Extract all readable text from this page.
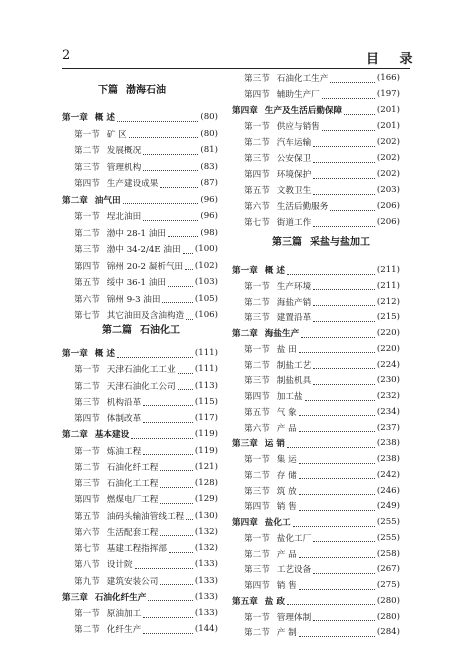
2	目 录
下篇 渤海石油
第一章 概 述	(80)
第一节 矿 区	(80)
第二节 发展概况	(81)
第三节 管理机构	(83)
第四节 生产建设成果	(87)
第二章 油气田	(96)
第一节 埕北油田	(96)
第二节 渤中 28-1 油田	(98)
第三节 渤中 34-2/4E 油田 (100)
第四节 锦州 20-2 凝析气田 (102)
第五节 绥中 36-1 油田	(103)
第六节 锦州 9-3 油田	(105)
第七节 其它油田及含油构造 (106)
第二篇 石油化工
第一章 概 述	(111)
第一节 天津石油化工工业 (111)
第二节 天津石油化工公司 (113)
第三节 机构沿革	(115)
第四节 体制改革	(117)
第二章 基本建设	(119)
第一节 炼油工程	(119)
第二节 石油化纤工程	(121)
第三节 石油化工工程	(128)
第四节 燃煤电厂工程	(129)
第五节 油码头输油管线工程 (130)
第六节 生活配套工程	(132)
第七节 基建工程指挥部	(132)
第八节 设计院	(133)
第九节 建筑安装公司	(133)
第三章 石油化纤生产	(133)
第一节 原油加工	(133)
第二节 化纤生产	(144)
第三节 石油化工生产	(166)
第四节 辅助生产厂	(197)
第四章 生产及生活后勤保障	(201)
第一节 供应与销售	(201)
第二节 汽车运输	(202)
第三节 公安保卫	(202)
第四节 环境保护	(202)
第五节 文教卫生	(203)
第六节 生活后勤服务	(206)
第七节 街道工作	(206)
第三篇 采盐与盐加工
第一章 概 述	(211)
第一节 生产环境	(211)
第二节 海盐产销	(212)
第三节 建置沿革	(215)
第二章 海盐生产	(220)
第一节 盐 田	(220)
第二节 制盐工艺	(224)
第三节 制盐机具	(230)
第四节 加工盐	(232)
第五节 气 象	(234)
第六节 产 品	(237)
第三章 运 销	(238)
第一节 集 运	(238)
第二节 存 储	(242)
第三节 筑 放	(246)
第四节 销 售	(249)
第四章 盐化工	(255)
第一节 盐化工厂	(255)
第二节 产 品	(258)
第三节 工艺设备	(267)
第四节 销 售	(275)
第五章 盐 政	(280)
第一节 管理体制	(280)
第二节 产 制	(284)
